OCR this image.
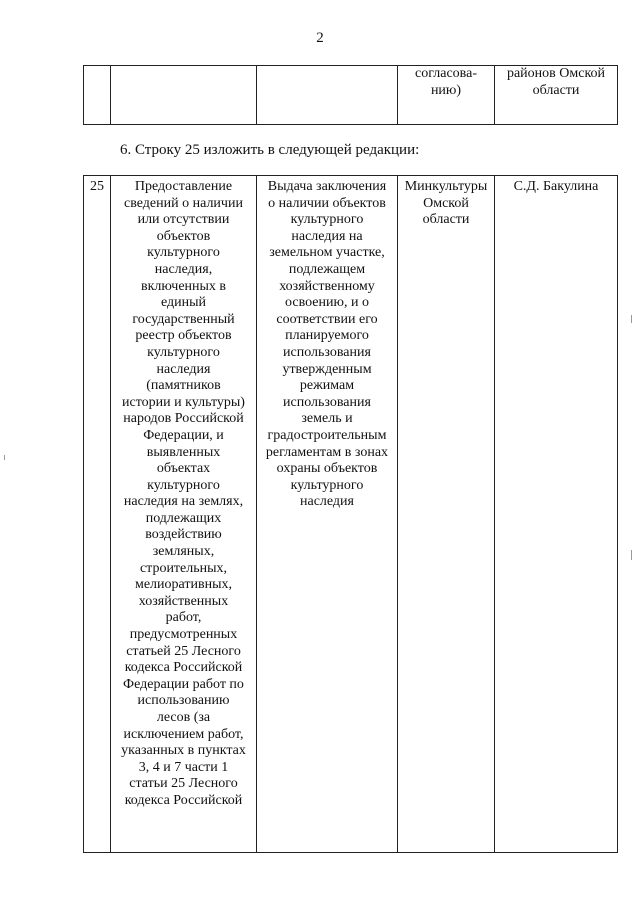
2
			согласова-
нию)	районов Омской
области
6. Строку 25 изложить в следующей редакции:
25	Предоставление
сведений о наличии
или отсутствии
объектов
культурного
наследия,
включенных в
единый
государственный
реестр объектов
культурного
наследия
(памятников
истории и культуры)
народов Российской
Федерации, и
выявленных
объектах
культурного
наследия на землях,
подлежащих
воздействию
земляных,
строительных,
мелиоративных,
хозяйственных
работ,
предусмотренных
статьей 25 Лесного
кодекса Российской
Федерации работ по
использованию
лесов (за
исключением работ,
указанных в пунктах
3, 4 и 7 части 1
статьи 25 Лесного
кодекса Российской	Выдача заключения
о наличии объектов
культурного
наследия на
земельном участке,
подлежащем
хозяйственному
освоению, и о
соответствии его
планируемого
использования
утвержденным
режимам
использования
земель и
градостроительным
регламентам в зонах
охраны объектов
культурного
наследия	Минкультуры
Омской
области	С.Д. Бакулина
